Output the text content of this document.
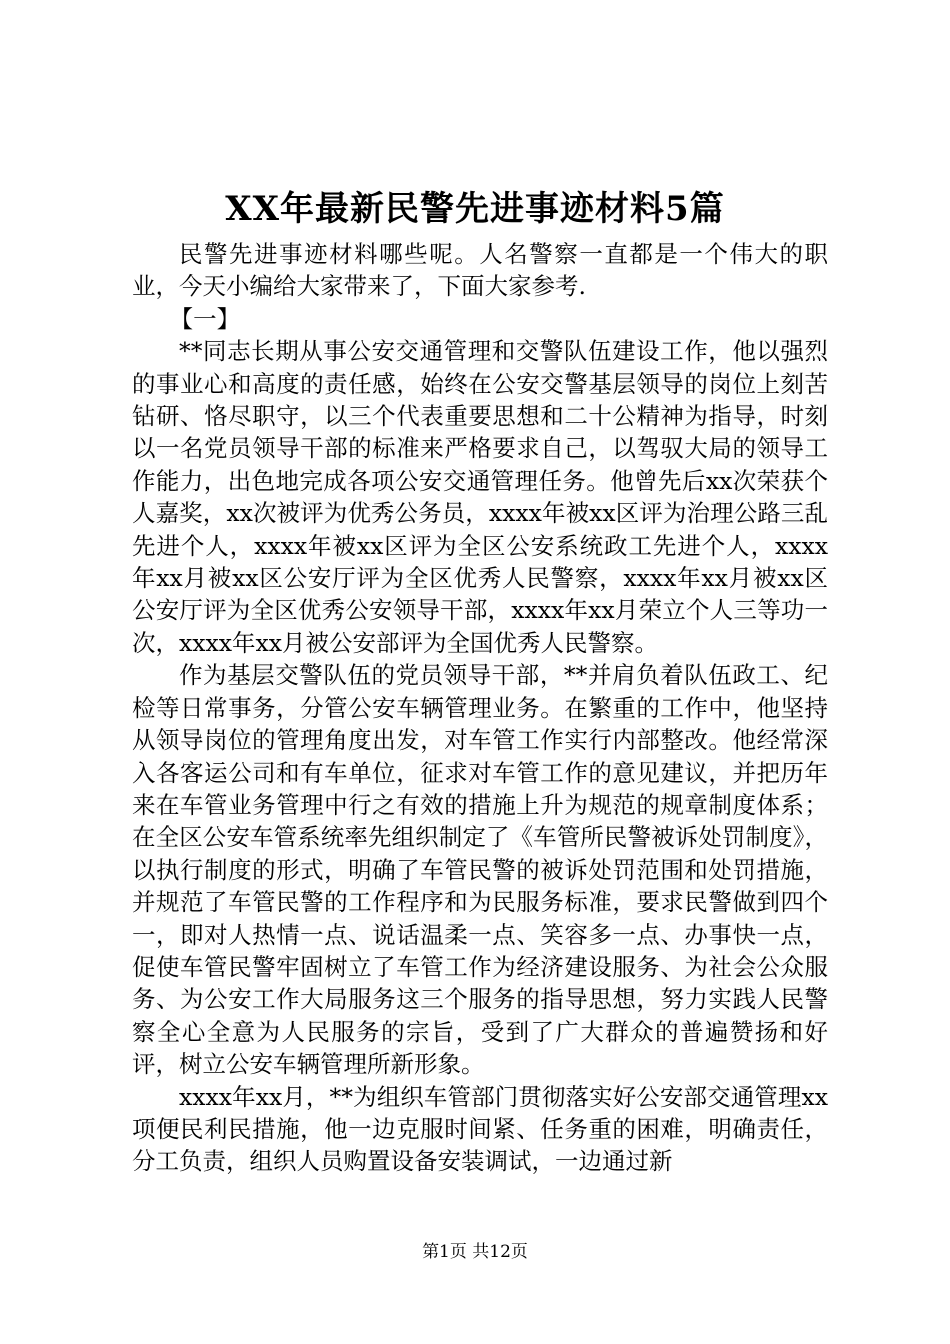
XX年最新民警先进事迹材料5篇

民警先进事迹材料哪些呢。人名警察一直都是一个伟大的职业，今天小编给大家带来了，下面大家参考.

【一】

**同志长期从事公安交通管理和交警队伍建设工作，他以强烈的事业心和高度的责任感，始终在公安交警基层领导的岗位上刻苦钻研、恪尽职守，以三个代表重要思想和二十公精神为指导，时刻以一名党员领导干部的标准来严格要求自己，以驾驭大局的领导工作能力，出色地完成各项公安交通管理任务。他曾先后xx次荣获个人嘉奖，xx次被评为优秀公务员，xxxx年被xx区评为治理公路三乱先进个人，xxxx年被xx区评为全区公安系统政工先进个人，xxxx年xx月被xx区公安厅评为全区优秀人民警察，xxxx年xx月被xx区公安厅评为全区优秀公安领导干部，xxxx年xx月荣立个人三等功一次，xxxx年xx月被公安部评为全国优秀人民警察。

作为基层交警队伍的党员领导干部，**并肩负着队伍政工、纪检等日常事务，分管公安车辆管理业务。在繁重的工作中，他坚持从领导岗位的管理角度出发，对车管工作实行内部整改。他经常深入各客运公司和有车单位，征求对车管工作的意见建议，并把历年来在车管业务管理中行之有效的措施上升为规范的规章制度体系；在全区公安车管系统率先组织制定了《车管所民警被诉处罚制度》，以执行制度的形式，明确了车管民警的被诉处罚范围和处罚措施，并规范了车管民警的工作程序和为民服务标准，要求民警做到四个一，即对人热情一点、说话温柔一点、笑容多一点、办事快一点，促使车管民警牢固树立了车管工作为经济建设服务、为社会公众服务、为公安工作大局服务这三个服务的指导思想，努力实践人民警察全心全意为人民服务的宗旨，受到了广大群众的普遍赞扬和好评，树立公安车辆管理所新形象。

xxxx年xx月，**为组织车管部门贯彻落实好公安部交通管理xx项便民利民措施，他一边克服时间紧、任务重的困难，明确责任，分工负责，组织人员购置设备安装调试，一边通过新

第1页 共12页
